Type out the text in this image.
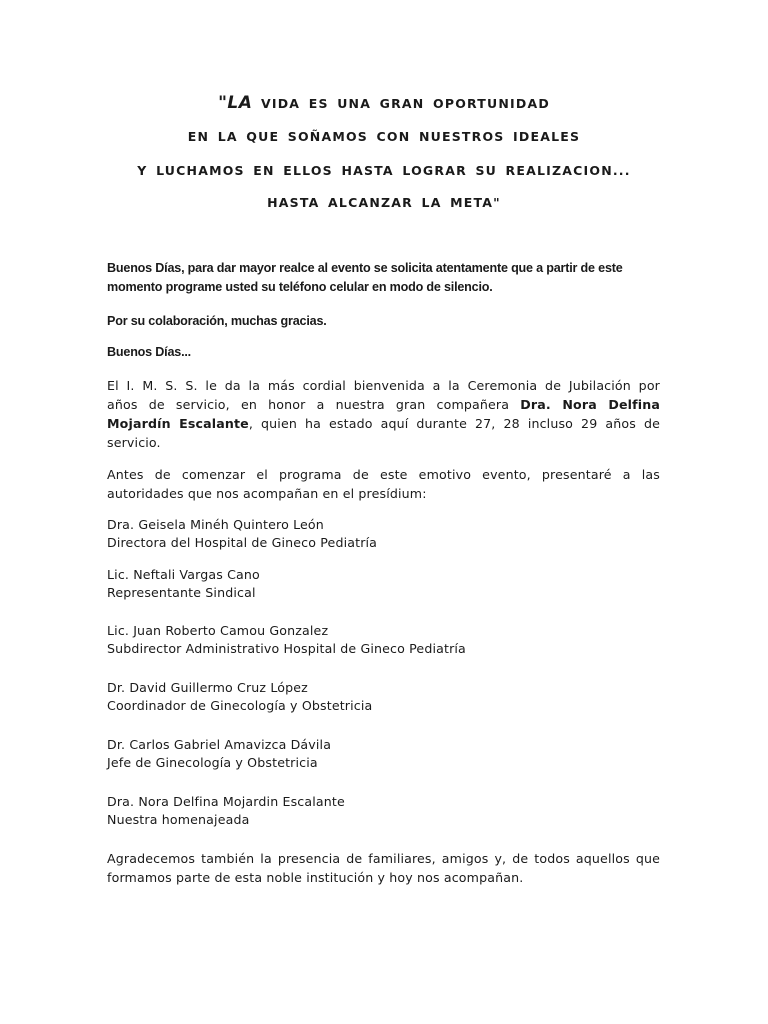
"LA VIDA ES UNA GRAN OPORTUNIDAD
EN LA QUE SOÑAMOS CON NUESTROS IDEALES
Y LUCHAMOS EN ELLOS HASTA LOGRAR SU REALIZACION...
HASTA ALCANZAR LA META"
Buenos Días, para dar mayor realce al evento se solicita atentamente que a partir de este
momento programe usted su teléfono celular en modo de silencio.
Por su colaboración, muchas gracias.
Buenos Días...
El I. M. S. S. le da la más cordial bienvenida a la Ceremonia de Jubilación por
años de servicio, en honor a nuestra gran compañera Dra. Nora Delfina
Mojardín Escalante, quien ha estado aquí durante 27, 28 incluso 29 años de
servicio.
Antes de comenzar el programa de este emotivo evento, presentaré a las
autoridades que nos acompañan en el presídium:
Dra. Geisela Minéh Quintero León
Directora del Hospital de Gineco Pediatría
Lic. Neftali Vargas Cano
Representante Sindical
Lic. Juan Roberto Camou Gonzalez
Subdirector Administrativo Hospital de Gineco Pediatría
Dr. David Guillermo Cruz López
Coordinador de Ginecología y Obstetricia
Dr. Carlos Gabriel Amavizca Dávila
Jefe de Ginecología y Obstetricia
Dra. Nora Delfina Mojardin Escalante
Nuestra homenajeada
Agradecemos también la presencia de familiares, amigos y, de todos aquellos que
formamos parte de esta noble institución y hoy nos acompañan.
